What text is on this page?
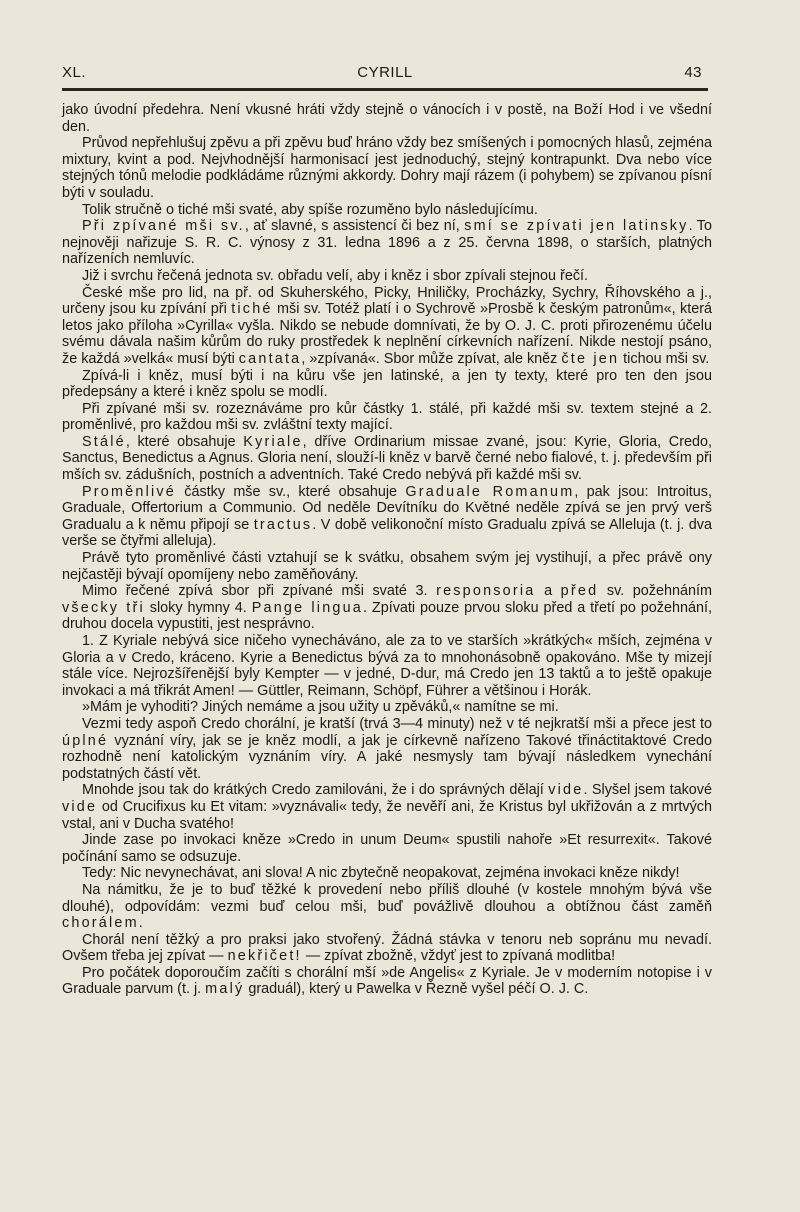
XL.	CYRILL	43

jako úvodní předehra. Není vkusné hráti vždy stejně o vánocích i v postě, na Boží Hod i ve všední den.

Průvod nepřehlušuj zpěvu a při zpěvu buď hráno vždy bez smíšených i pomocných hlasů, zejména mixtury, kvint a pod. Nejvhodnější harmonisací jest jednoduchý, stejný kontrapunkt. Dva nebo více stejných tónů melodie podkládáme různými akkordy. Dohry mají rázem (i pohybem) se zpívanou písní býti v souladu.

Tolik stručně o tiché mši svaté, aby spíše rozuměno bylo následujícímu.

Při zpívané mši sv., ať slavné, s assistencí či bez ní, smí se zpívati jen latinsky. To nejnověji nařizuje S. R. C. výnosy z 31. ledna 1896 a z 25. června 1898, o starších, platných nařízeních nemluvíc.

Již i svrchu řečená jednota sv. obřadu velí, aby i kněz i sbor zpívali stejnou řečí.

České mše pro lid, na př. od Skuherského, Picky, Hniličky, Procházky, Sychry, Říhovského a j., určeny jsou ku zpívání při tiché mši sv. Totéž platí i o Sychrově »Prosbě k českým patronům«, která letos jako příloha »Cyrilla« vyšla. Nikdo se nebude domnívati, že by O. J. C. proti přirozenému účelu svému dávala našim kůrům do ruky prostředek k neplnění církevních nařízení. Nikde nestojí psáno, že každá »velká« musí býti cantata, »zpívaná«. Sbor může zpívat, ale kněz čte jen tichou mši sv.

Zpívá-li i kněz, musí býti i na kůru vše jen latinské, a jen ty texty, které pro ten den jsou předepsány a které i kněz spolu se modlí.

Při zpívané mši sv. rozeznáváme pro kůr částky 1. stálé, při každé mši sv. textem stejné a 2. proměnlivé, pro každou mši sv. zvláštní texty mající.

Stálé, které obsahuje Kyriale, dříve Ordinarium missae zvané, jsou: Kyrie, Gloria, Credo, Sanctus, Benedictus a Agnus. Gloria není, slouží-li kněz v barvě černé nebo fialové, t. j. především při mších sv. zádušních, postních a adventních. Také Credo nebývá při každé mši sv.

Proměnlivé částky mše sv., které obsahuje Graduale Romanum, pak jsou: Introitus, Graduale, Offertorium a Communio. Od neděle Devítníku do Květné neděle zpívá se jen prvý verš Gradualu a k němu připojí se tractus. V době velikonoční místo Gradualu zpívá se Alleluja (t. j. dva verše se čtyřmi alleluja).

Právě tyto proměnlivé části vztahují se k svátku, obsahem svým jej vystihují, a přec právě ony nejčastěji bývají opomíjeny nebo zaměňovány.

Mimo řečené zpívá sbor při zpívané mši svaté 3. responsoria a před sv. požehnáním všecky tři sloky hymny 4. Pange lingua. Zpívati pouze prvou sloku před a třetí po požehnání, druhou docela vypustiti, jest nesprávno.

1. Z Kyriale nebývá sice ničeho vynecháváno, ale za to ve starších »krátkých« mších, zejména v Gloria a v Credo, kráceno. Kyrie a Benedictus bývá za to mnohonásobně opakováno. Mše ty mizejí stále více. Nejrozšířenější byly Kempter — v jedné, D-dur, má Credo jen 13 taktů a to ještě opakuje invokaci a má třikrát Amen! — Güttler, Reimann, Schöpf, Führer a většinou i Horák.

»Mám je vyhoditi? Jiných nemáme a jsou užity u zpěváků,« namítne se mi.

Vezmi tedy aspoň Credo chorální, je kratší (trvá 3—4 minuty) než v té nejkratší mši a přece jest to úplné vyznání víry, jak se je kněz modlí, a jak je církevně nařízeno Takové třináctitaktové Credo rozhodně není katolickým vyznáním víry. A jaké nesmysly tam bývají následkem vynechání podstatných částí vět.

Mnohde jsou tak do krátkých Credo zamilováni, že i do správných dělají vide. Slyšel jsem takové vide od Crucifixus ku Et vitam: »vyznávali« tedy, že nevěří ani, že Kristus byl ukřižován a z mrtvých vstal, ani v Ducha svatého!

Jinde zase po invokaci kněze »Credo in unum Deum« spustili nahoře »Et resurrexit«. Takové počínání samo se odsuzuje.

Tedy: Nic nevynechávat, ani slova! A nic zbytečně neopakovat, zejména invokaci kněze nikdy!

Na námitku, že je to buď těžké k provedení nebo příliš dlouhé (v kostele mnohým bývá vše dlouhé), odpovídám: vezmi buď celou mši, buď povážlivě dlouhou a obtížnou část zaměň chorálem.

Chorál není těžký a pro praksi jako stvořený. Žádná stávka v tenoru neb sopránu mu nevadí. Ovšem třeba jej zpívat — nekřičet! — zpívat zbožně, vždyť jest to zpívaná modlitba!

Pro počátek doporoučím začíti s chorální mší »de Angelis« z Kyriale. Je v moderním notopise i v Graduale parvum (t. j. malý graduál), který u Pawelka v Řezně vyšel péčí O. J. C.
